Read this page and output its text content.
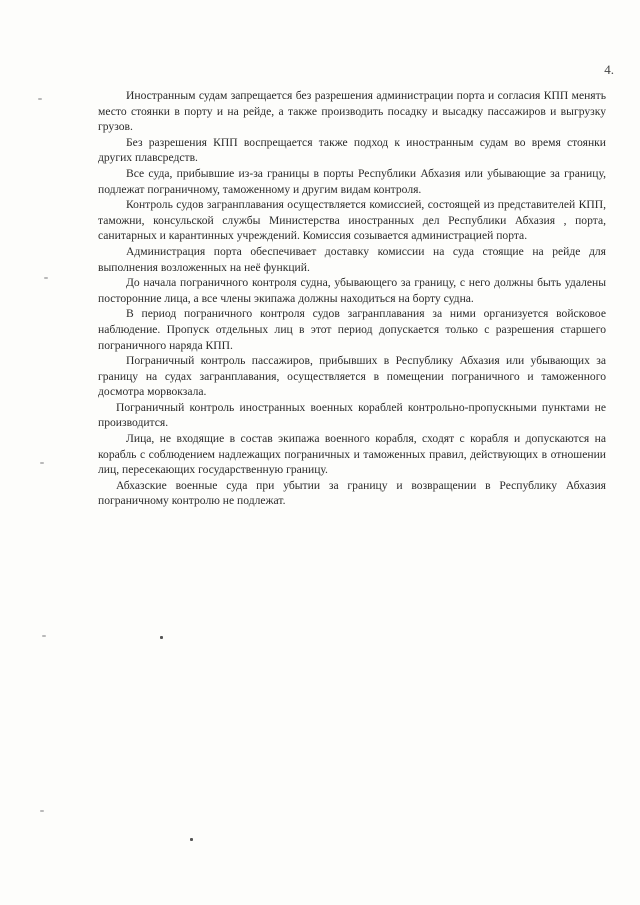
4.

Иностранным судам запрещается без разрешения администрации порта и согласия КПП менять место стоянки в порту и на рейде, а также производить посадку и высадку пассажиров и выгрузку грузов.

Без разрешения КПП воспрещается также подход к иностранным судам во время стоянки других плавсредств.

Все суда, прибывшие из-за границы в порты Республики Абхазия или убывающие за границу, подлежат пограничному, таможенному и другим видам контроля.

Контроль судов загранплавания осуществляется комиссией, состоящей из представителей КПП, таможни, консульской службы Министерства иностранных дел Республики Абхазия , порта, санитарных и карантинных учреждений. Комиссия созывается администрацией порта.

Администрация порта обеспечивает доставку комиссии на суда стоящие на рейде для выполнения возложенных на неё функций.

До начала пограничного контроля судна, убывающего за границу, с него должны быть удалены посторонние лица, а все члены экипажа должны находиться на борту судна.

В период пограничного контроля судов загранплавания за ними организуется войсковое наблюдение. Пропуск отдельных лиц в этот период допускается только с разрешения старшего пограничного наряда КПП.

Пограничный контроль пассажиров, прибывших в Республику Абхазия или убывающих за границу на судах загранплавания, осуществляется в помещении пограничного и таможенного досмотра морвокзала.

Пограничный контроль иностранных военных кораблей контрольно-пропускными пунктами не производится.

Лица, не входящие в состав экипажа военного корабля, сходят с корабля и допускаются на корабль с соблюдением надлежащих пограничных и таможенных правил, действующих в отношении лиц, пересекающих государственную границу.

Абхазские военные суда при убытии за границу и возвращении в Республику Абхазия пограничному контролю не подлежат.
